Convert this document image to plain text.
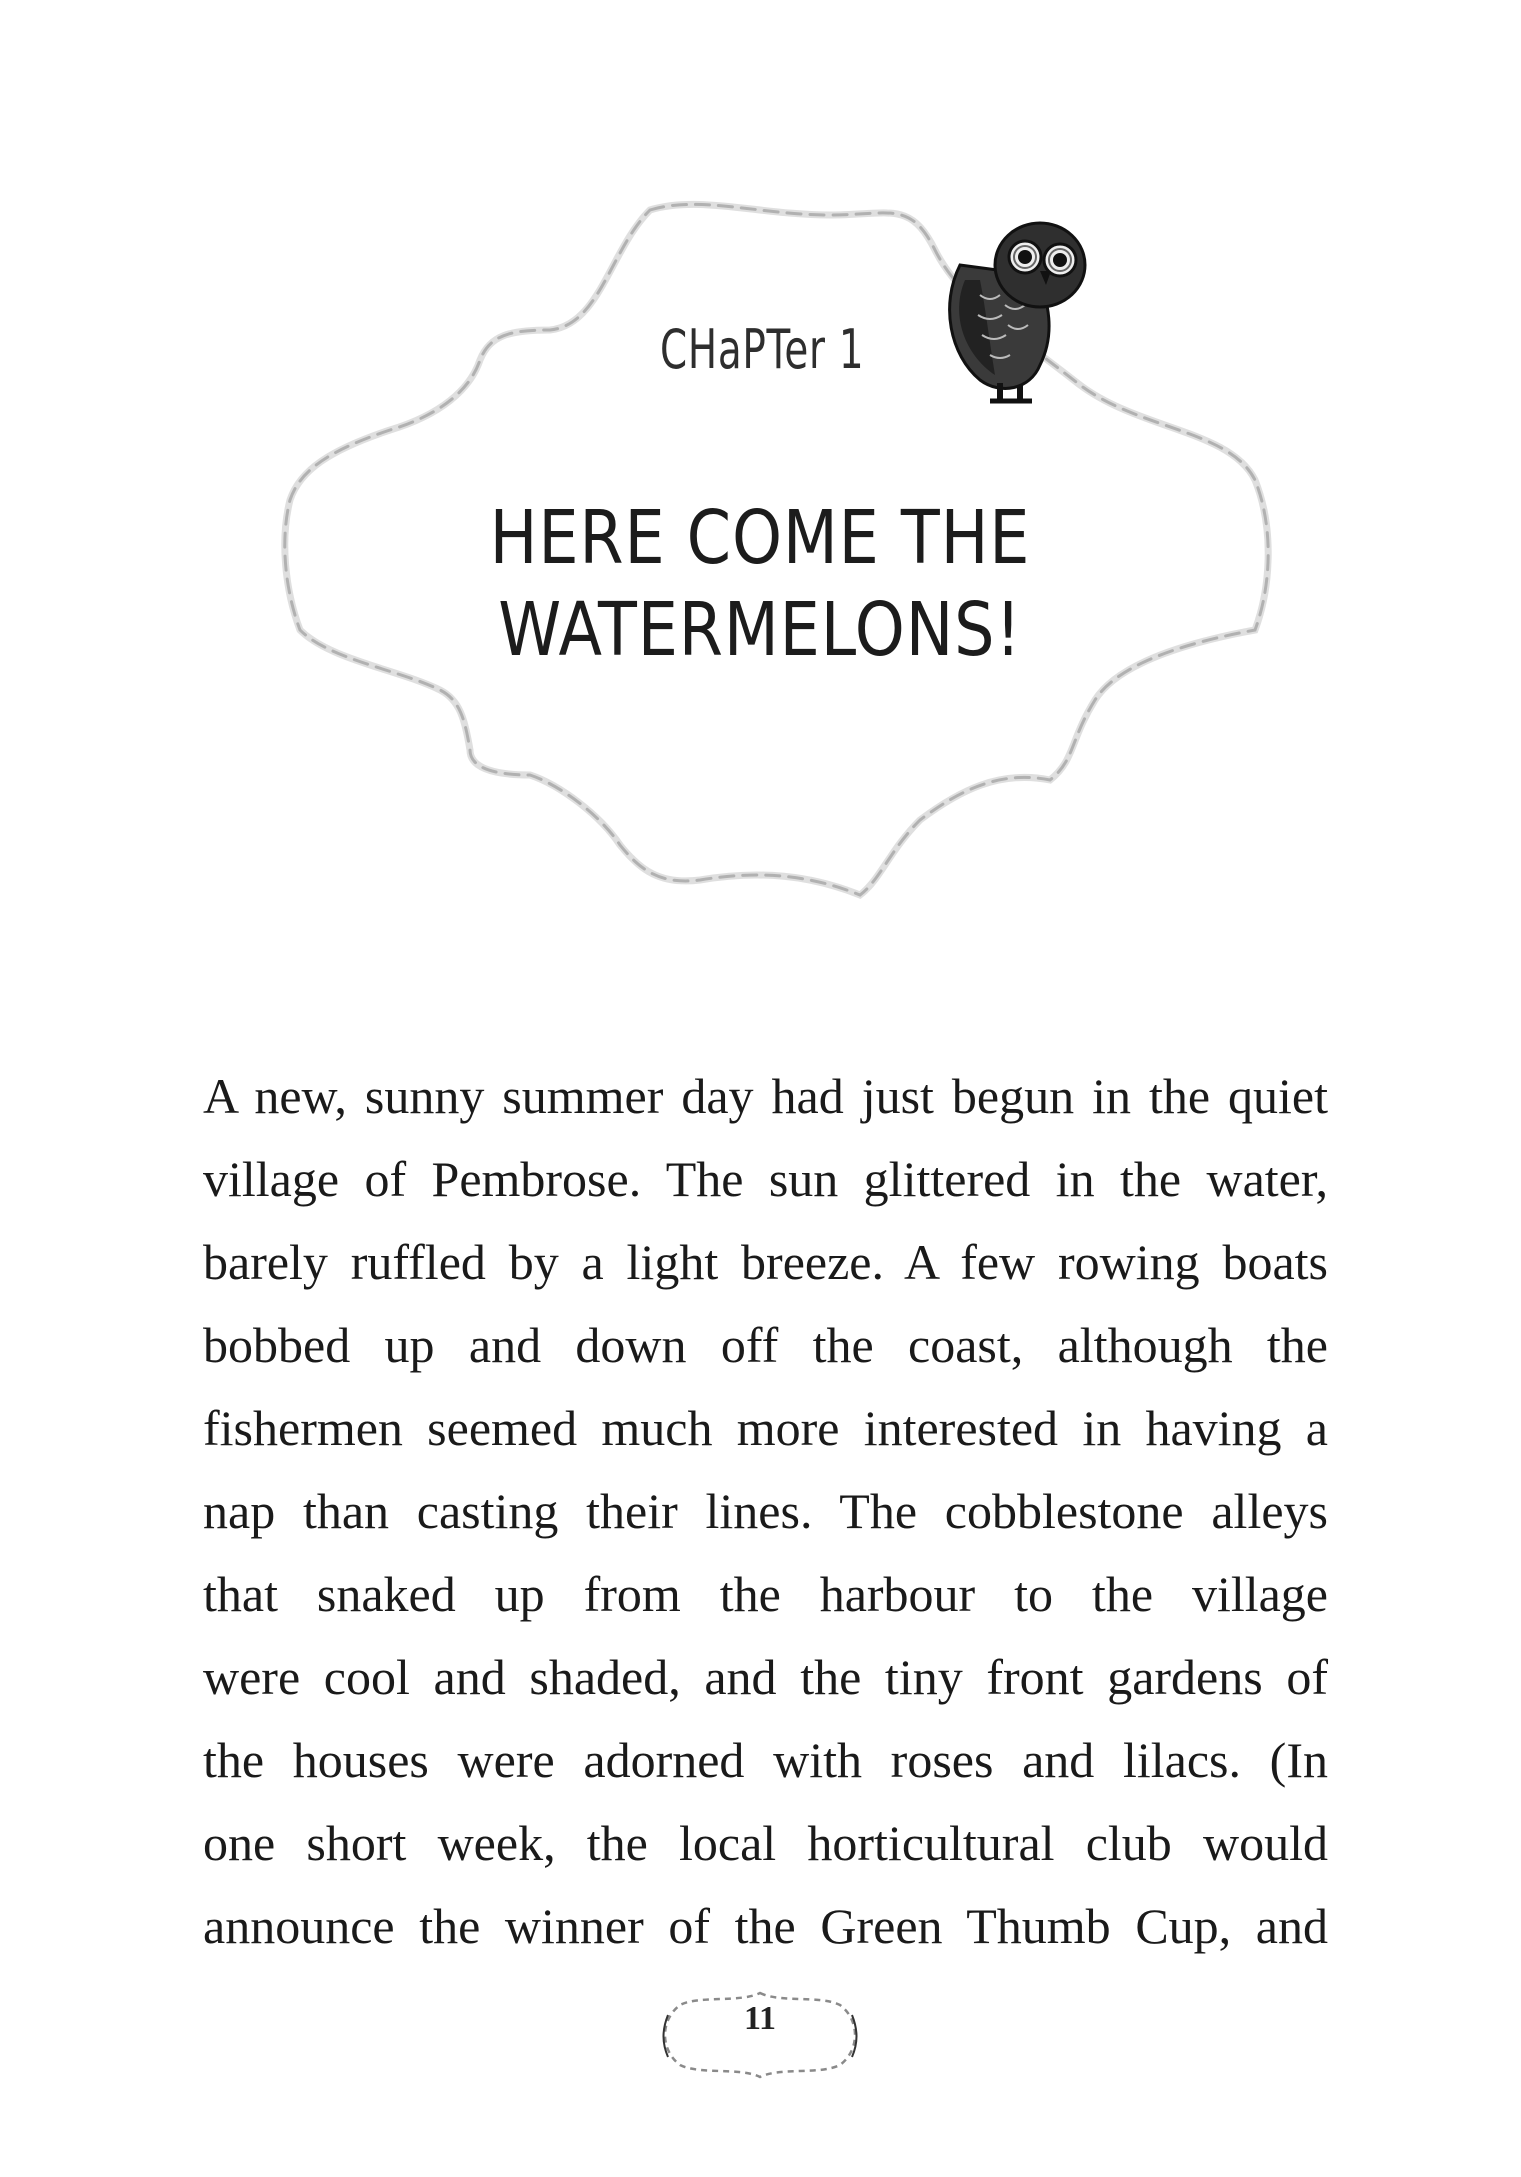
CHaPTer 1
HERE COME THE
WATERMELONS!
A new, sunny summer day had just begun in the quiet
village of Pembrose. The sun glittered in the water,
barely ruffled by a light breeze. A few rowing boats
bobbed up and down off the coast, although the
fishermen seemed much more interested in having a
nap than casting their lines. The cobblestone alleys
that snaked up from the harbour to the village
were cool and shaded, and the tiny front gardens of
the houses were adorned with roses and lilacs. (In
one short week, the local horticultural club would
announce the winner of the Green Thumb Cup, and
11
